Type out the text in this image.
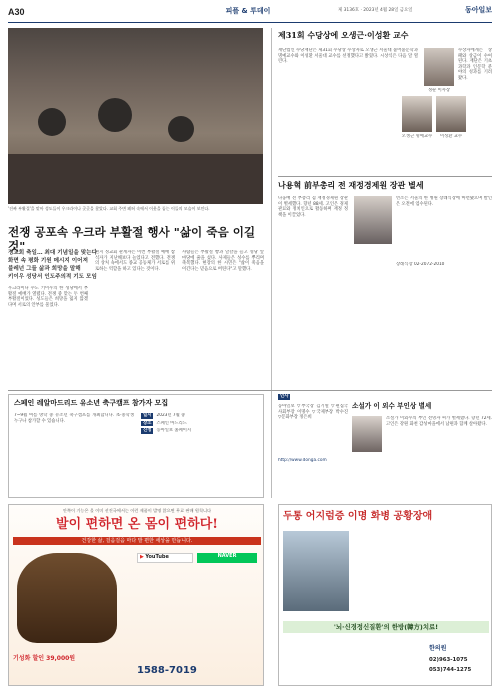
A30	피플 & 투데이	제 3136호 · 2023년 4월 28일 금요일	동아일보
'진짜 부활절'을 맞아 성도들이 우크라이나 곳곳을 찾았다. 교회 주변 폐허 속에서 이웃을 돕는 이들의 모습이 보인다.
전쟁 공포속 우크라 부활절 행사 "삶이 죽음 이길것"
정교회 축일… 최대 기념일을 맞는다
화면 속 평화 기원 메시지 이어져
블레넌 그들 삶과 희망을 말해
키이우 성당서 인도주의적 기도 모임
우크라이나 수도 키이우의 한 성당에서 부활절 예배가 열렸다. 전쟁 중 맞는 두 번째 부활절이었다. 성도들은 희망을 잃지 않겠다며 서로의 안부를 물었다.
현지 정교회 관계자는 이번 부활절 예배 참석자가 지난해보다 늘었다고 전했다. 전쟁의 상처 속에서도 종교 공동체가 서로를 위로하는 역할을 하고 있다는 것이다.
사람들은 부활절 빵과 달걀을 들고 성당 앞마당에 줄을 섰다. 사제들은 성수를 뿌리며 축복했다. 현장의 한 시민은 "삶이 죽음을 이긴다는 믿음으로 버틴다"고 말했다.
제31회 수당상에 오생근·이성환 교수
재단법인 수당재단은 제31회 수당상 수상자로 오생근 서울대 불어불문학과 명예교수와 이성환 서울대 교수를 선정했다고 밝혔다. 시상식은 다음 달 열린다.
정순 이사장
수상자에게는 상패와 상금이 수여된다. 재단은 기초과학과 인문학 분야의 성과를 기려 왔다.
오생근 명예교수	이성환 교수
나용혁 前부총리 전 재정경제원 장관 별세
나웅배 전 부총리 겸 재정경제원 장관이 별세했다. 향년 88세. 고인은 경제 관료와 정치인으로 활동하며 재정 정책을 이끌었다.
빈소는 서울의 한 병원 장례식장에 마련됐으며 발인은 오전에 엄수된다.
장례식장 02-2072-2010
스페인 레알마드리드 유소년 축구캠프 참가자 모집
7~9월 여름 방학 중 유소년 축구캠프를 개최합니다. 초·중학생 누구나 참가할 수 있습니다.
일시	2023년 7월 중
장소	스페인 마드리드
신청	동아일보 홈페이지
인사
동아일보 ▽부국장 김기열 ▽편집국 사회부장 이명수 ▽국제부장 박수진 ▽문화부장 정은희
소설가 이 외수 부인상 별세
소설가 이외수의 부인 전영자 씨가 별세했다. 향년 72세. 고인은 강원 화천 감성마을에서 남편과 함께 살아왔다.
http://www.donga.com
안쪽이 기능은 올 이미 선진국에서는 이런 제품이 발명 않으면 무료 판매 원칙니다
발이 편하면 온 몸이 편하다!
건강한 삶, 걸음걸음 마다 발 편한 세상을 만듭니다.
▶ YouTube	NAVER
기성화 할인 39,000원
1588-7019
두통 어지럼증 이명 화병 공황장애
'뇌·신경정신질환'의 한방(韓方)치료!
한의원
02)963-1075
053)744-1275
